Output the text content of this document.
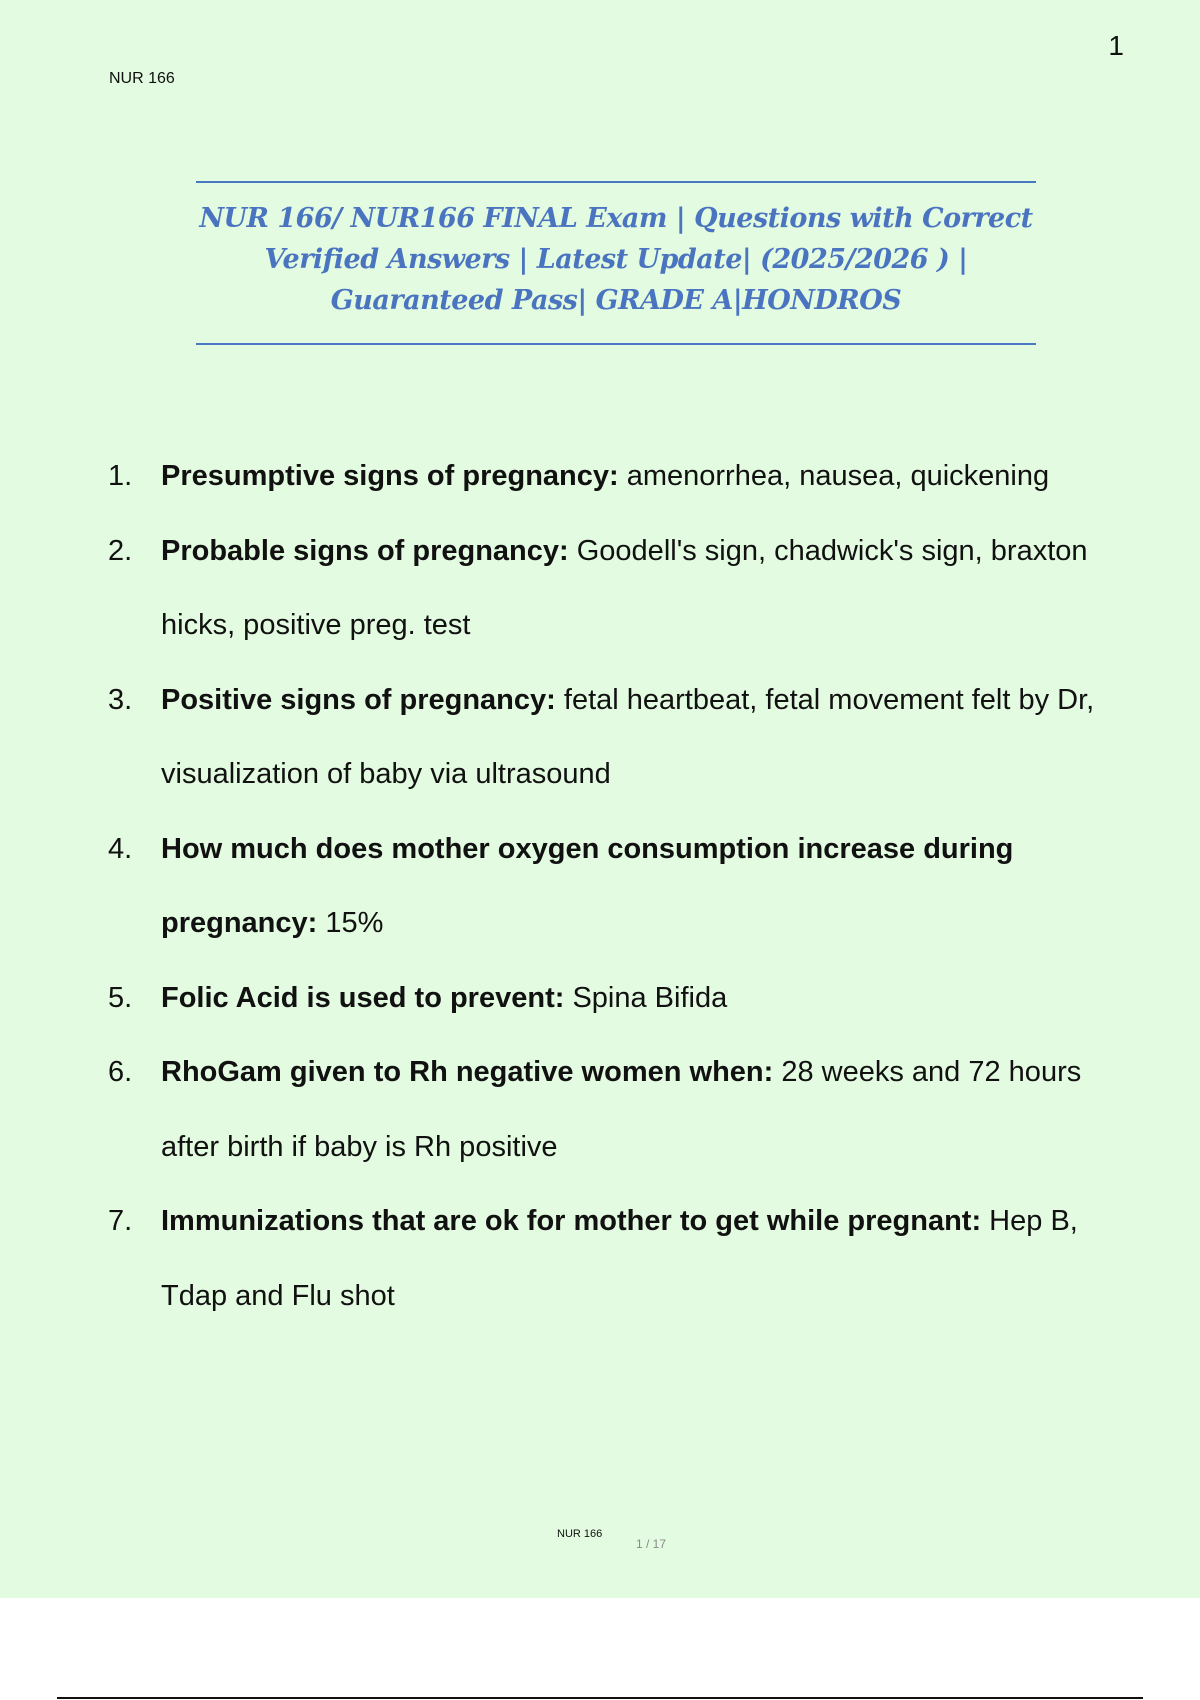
1
NUR 166
NUR 166/ NUR166 FINAL Exam | Questions with Correct
Verified Answers | Latest Update| (2025/2026 ) |
Guaranteed Pass| GRADE A|HONDROS
1. Presumptive signs of pregnancy: amenorrhea, nausea, quickening
2. Probable signs of pregnancy: Goodell's sign, chadwick's sign, braxton hicks, positive preg. test
3. Positive signs of pregnancy: fetal heartbeat, fetal movement felt by Dr, visualization of baby via ultrasound
4. How much does mother oxygen consumption increase during pregnancy: 15%
5. Folic Acid is used to prevent: Spina Bifida
6. RhoGam given to Rh negative women when: 28 weeks and 72 hours after birth if baby is Rh positive
7. Immunizations that are ok for mother to get while pregnant: Hep B, Tdap and Flu shot
NUR 166
1 / 17
